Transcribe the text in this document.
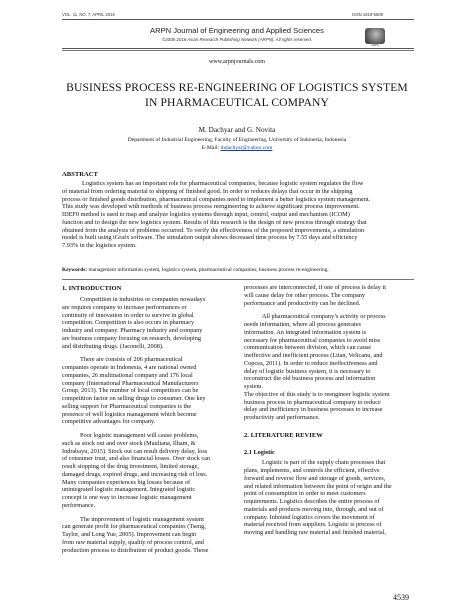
VOL. 11, NO. 7, APRIL 2016	ISSN 1819-6608
ARPN Journal of Engineering and Applied Sciences
©2006-2016 Asian Research Publishing Network (ARPN). All rights reserved.
ARPN
www.arpnjournals.com
BUSINESS PROCESS RE-ENGINEERING OF LOGISTICS SYSTEM
IN PHARMACEUTICAL COMPANY
M. Dachyar and G. Novita
Department of Industrial Engineering, Faculty of Engineering, University of Indonesia, Indonesia
E-Mail: mdachyar@yahoo.com
ABSTRACT
Logistics system has an important role for pharmaceutical companies, because logistic system regulates the flow
of material from ordering material to shipping of finished good. In order to reduces delays that occur in the shipping
process or finished goods distribution, pharmaceutical companies need to implement a better logistics system management.
This study was developed with methods of business process reengineering to achieve significant process improvement.
IDEF0 method is used to map and analyze logistics systems through input, control, output and mechanism (ICOM)
function and to design the new logistics system. Results of this research is the design of new process through strategy that
obtained from the analysis of problems occurred. To verify the effectiveness of the proposed improvements, a simulation
model is built using iGrafx software. The simulation output shows decreased time process by 7.55 days and efficiency
7.93% in the logistics system.
Keywords: management information system, logistics system, pharmaceutical companies, business process re-engineering.
1. INTRODUCTION
Competition in industries or companies nowadays
are requires company to increase performances or
continuity of innovation in order to survive in global
competition. Competition is also occurs in pharmacy
industry and company. Pharmacy industry and company
are business company focusing on research, developing
and distributing drugs. (Jaconelli, 2008).
There are consists of 206 pharmaceutical
companies operate in Indonesia, 4 are national owned
companies, 26 multinational company and 176 local
company (International Pharmaceutical Manufacturers
Group, 2013). The number of local competitors can be
competition factor on selling drugs to consumer. One key
selling support for Pharmaceutical companies is the
presence of well logistics management which become
competitive advantages for company.
Poor logistic management will cause problems,
such as stock out and over stock (Mauliana, Ilham, &
Indrabayu, 2015). Stock out can result delivery delay, loss
of consumer trust, and also financial losses. Over stock can
result stopping of the drug investment, limited storage,
damaged drugs, expired drugs, and increasing risk of loss.
Many companies experiences big losses because of
unintegrated logistic management. Integrated logistic
concept is one way to increase logistic management
performance.
The improvement of logistic management system
can generate profit for pharmaceutical companies (Tseng,
Taylor, and Long Yue, 2005). Improvement can begin
from raw material supply, quality of process control, and
production process to distribution of product goods. Those
processes are interconnected, if one of process is delay it
will cause delay for other process. The company
performance and productivity can be declined.
All pharmaceutical company’s activity or process
needs information, where all process generates
information. An integrated information system is
necessary for pharmaceutical companies to avoid miss
communication between division, which can cause
ineffective and inefficient process (Litan, Velicanu, and
Copcea, 2011). In order to reduce ineffectiveness and
delay of logistic business system, it is necessary to
reconstruct the old business process and information
system.
The objective of this study is to reengineer logistic system
business process in pharmaceutical company to reduce
delay and inefficiency in business processes to increase
productivity and performance.
2. LITERATURE REVIEW
2.1 Logistic
Logistic is part of the supply chain processes that
plans, implements, and controls the efficient, effective
forward and reverse flow and storage of goods, services,
and related information between the point of origin and the
point of consumption in order to meet customers
requirements. Logistics describes the entire process of
materials and products moving into, through, and out of
company. Inbound logistics covers the movement of
material received from suppliers. Logistic is process of
moving and handling raw material and finished material,
4539
